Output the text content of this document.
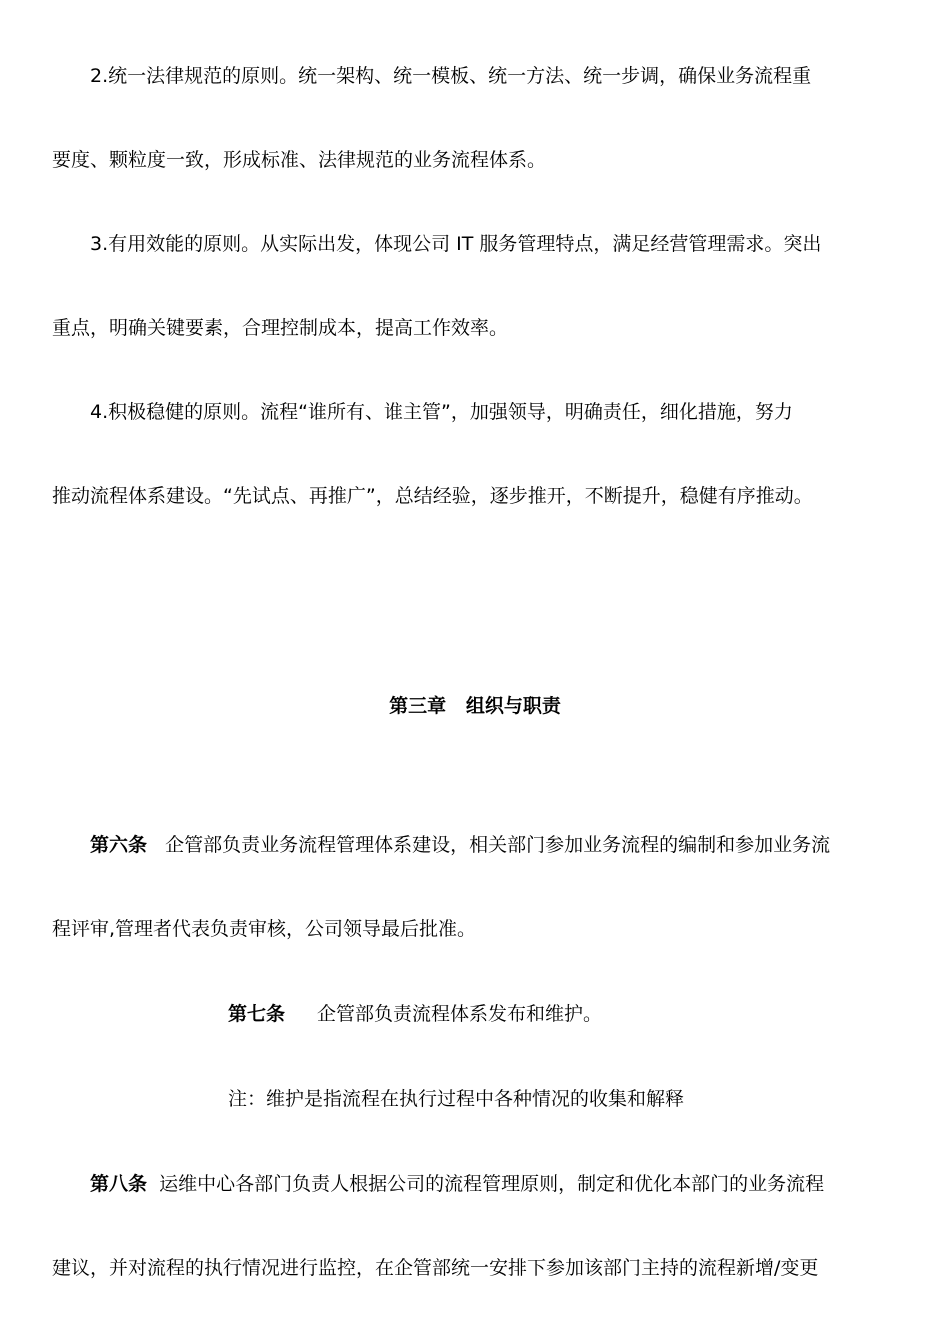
2.统一法律规范的原则。统一架构、统一模板、统一方法、统一步调，确保业务流程重
要度、颗粒度一致，形成标准、法律规范的业务流程体系。
3.有用效能的原则。从实际出发，体现公司 IT 服务管理特点，满足经营管理需求。突出
重点，明确关键要素，合理控制成本，提高工作效率。
4.积极稳健的原则。流程“谁所有、谁主管”，加强领导，明确责任，细化措施，努力
推动流程体系建设。“先试点、再推广”，总结经验，逐步推开，不断提升，稳健有序推动。
第三章   组织与职责
第六条   企管部负责业务流程管理体系建设，相关部门参加业务流程的编制和参加业务流
程评审,管理者代表负责审核，公司领导最后批准。
第七条 企管部负责流程体系发布和维护。
注：维护是指流程在执行过程中各种情况的收集和解释
第八条  运维中心各部门负责人根据公司的流程管理原则，制定和优化本部门的业务流程
建议，并对流程的执行情况进行监控，在企管部统一安排下参加该部门主持的流程新增/变更
